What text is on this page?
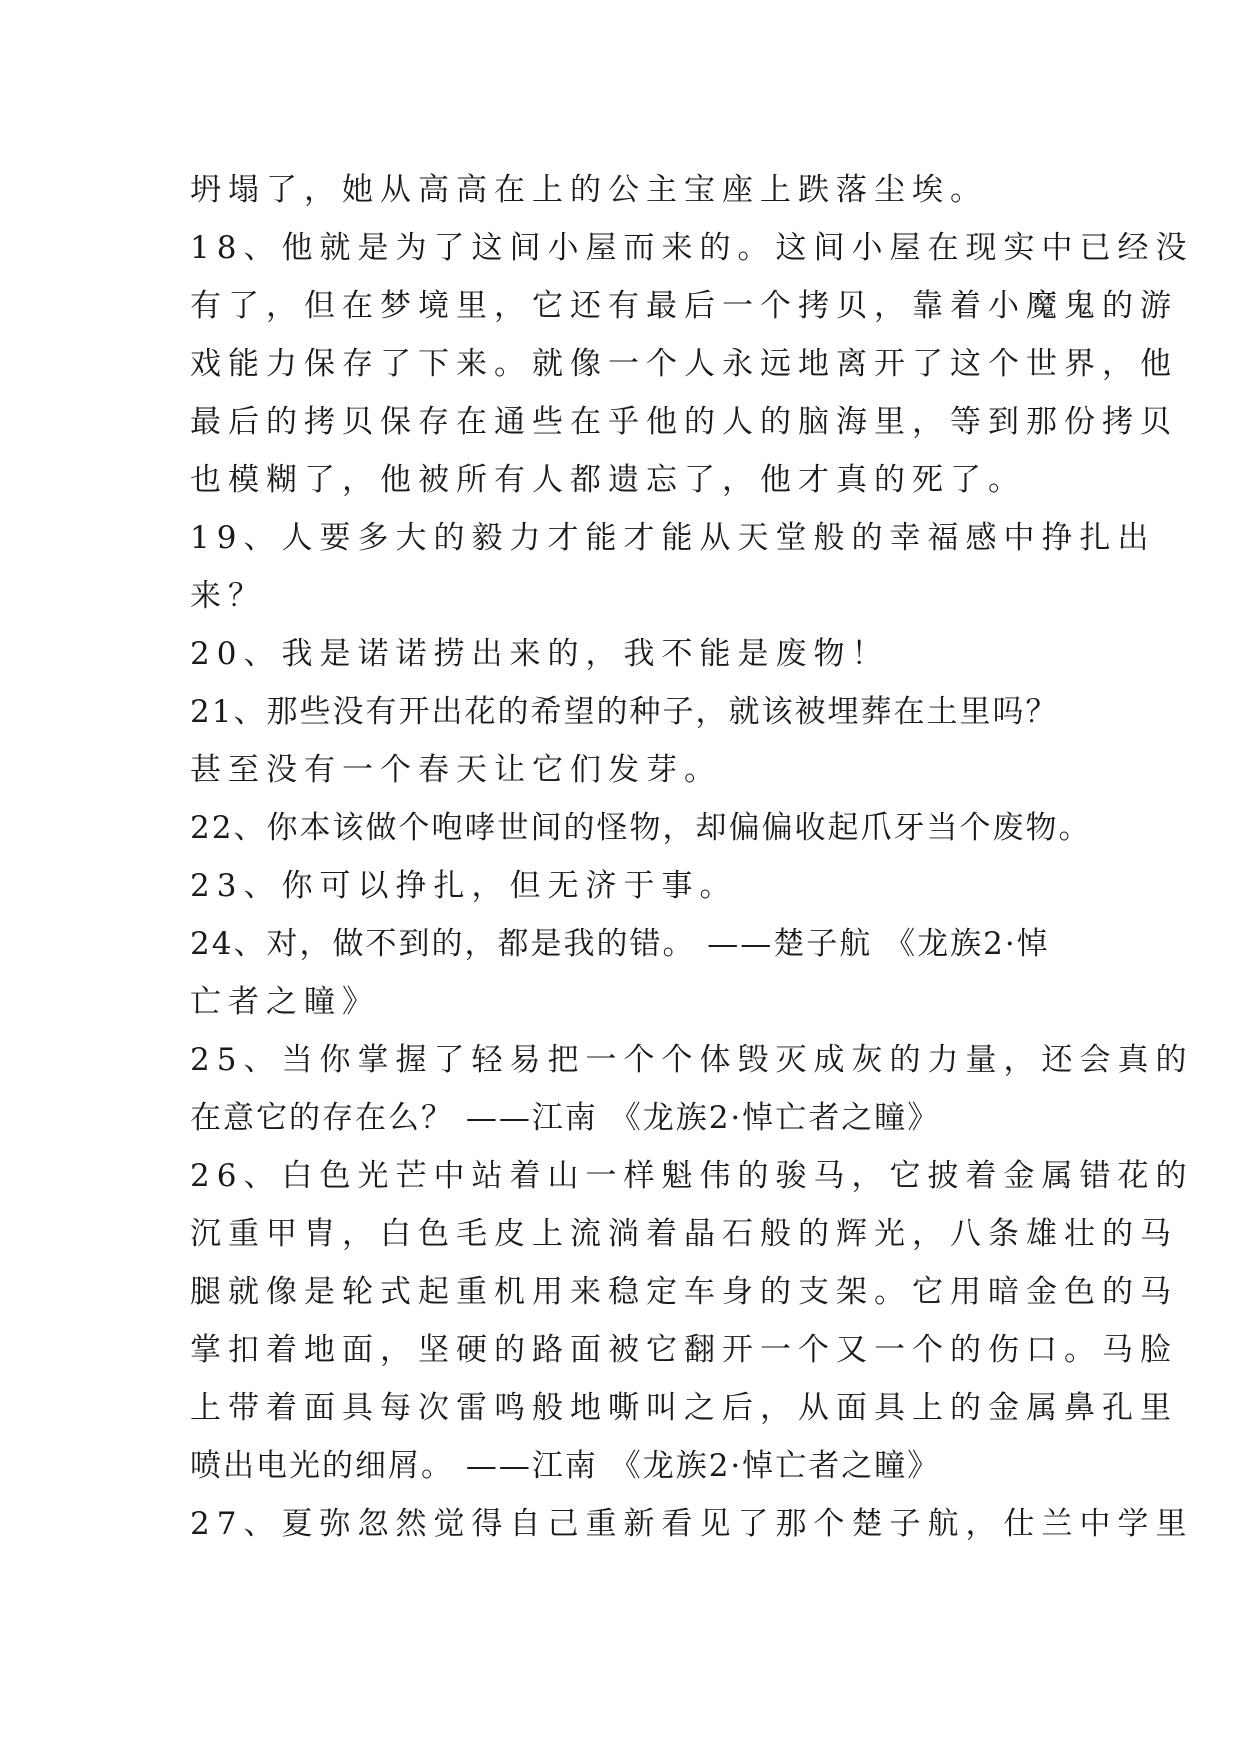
坍塌了，她从高高在上的公主宝座上跌落尘埃。
18、他就是为了这间小屋而来的。这间小屋在现实中已经没
有了，但在梦境里，它还有最后一个拷贝，靠着小魔鬼的游
戏能力保存了下来。就像一个人永远地离开了这个世界，他
最后的拷贝保存在通些在乎他的人的脑海里，等到那份拷贝
也模糊了，他被所有人都遗忘了，他才真的死了。
19、人要多大的毅力才能才能从天堂般的幸福感中挣扎出
来？
20、我是诺诺捞出来的，我不能是废物！
21、那些没有开出花的希望的种子，就该被埋葬在土里吗？
甚至没有一个春天让它们发芽。
22、你本该做个咆哮世间的怪物，却偏偏收起爪牙当个废物。
23、你可以挣扎，但无济于事。
24、对，做不到的，都是我的错。 ——楚子航 《龙族2·悼
亡者之瞳》
25、当你掌握了轻易把一个个体毁灭成灰的力量，还会真的
在意它的存在么？ ——江南 《龙族2·悼亡者之瞳》
26、白色光芒中站着山一样魁伟的骏马，它披着金属错花的
沉重甲胄，白色毛皮上流淌着晶石般的辉光，八条雄壮的马
腿就像是轮式起重机用来稳定车身的支架。它用暗金色的马
掌扣着地面，坚硬的路面被它翻开一个又一个的伤口。马脸
上带着面具每次雷鸣般地嘶叫之后，从面具上的金属鼻孔里
喷出电光的细屑。 ——江南 《龙族2·悼亡者之瞳》
27、夏弥忽然觉得自己重新看见了那个楚子航，仕兰中学里
